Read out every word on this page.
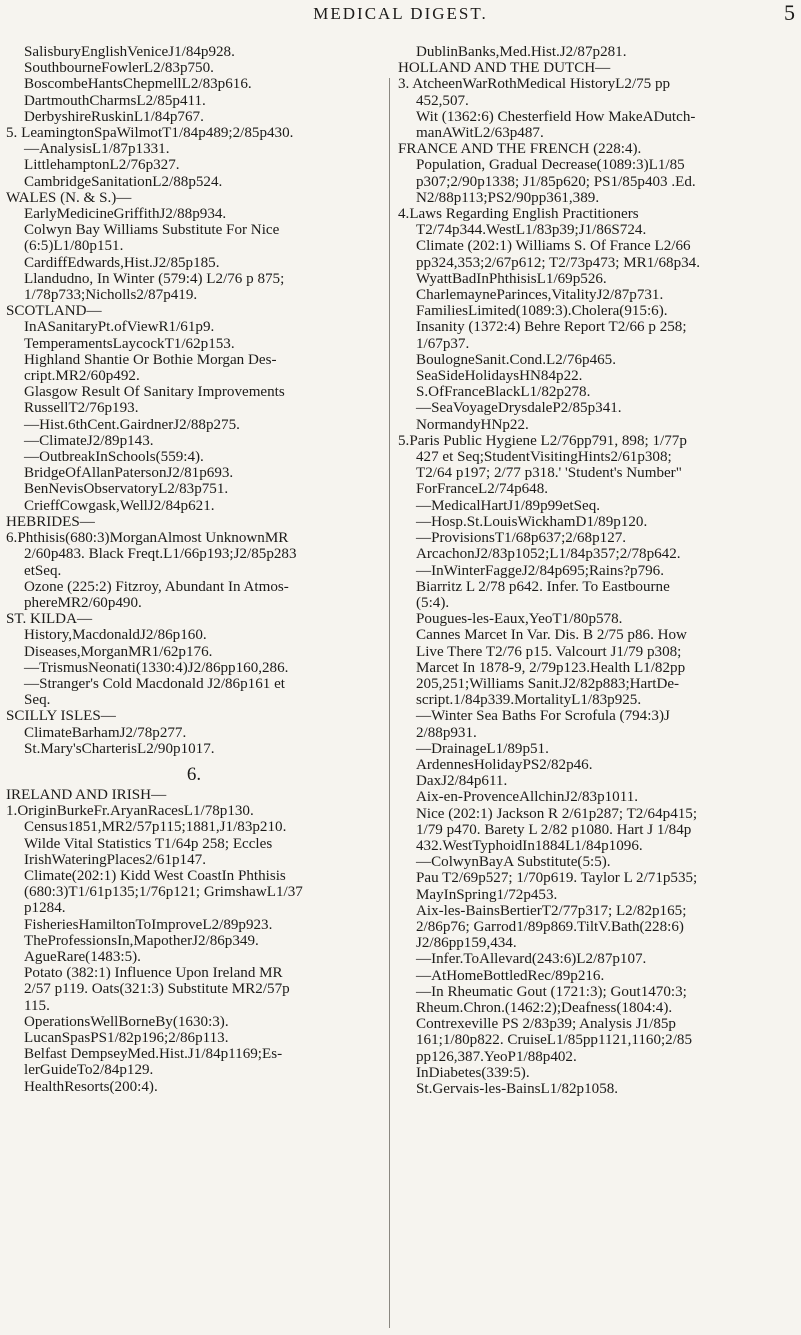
MEDICAL DIGEST.	5
SalisburyEnglishVeniceJ1/84p928.
SouthbourneFowlerL2/83p750.
BoscombeHantsChepmellL2/83p616.
DartmouthCharmsL2/85p411.
DerbyshireRuskinL1/84p767.
5. LeamingtonSpaWilmotT1/84p489;2/85p430.
—AnalysisL1/87p1331.
LittlehamptonL2/76p327.
CambridgeSanitationL2/88p524.
WALES (N. & S.)—
EarlyMedicineGriffithJ2/88p934.
Colwyn Bay Williams Substitute For Nice
(6:5)L1/80p151.
CardiffEdwards,Hist.J2/85p185.
Llandudno, In Winter (579:4) L2/76 p 875;
1/78p733;Nicholls2/87p419.
SCOTLAND—
InASanitaryPt.ofViewR1/61p9.
TemperamentsLaycockT1/62p153.
Highland Shantie Or Bothie Morgan Des-
cript.MR2/60p492.
Glasgow Result Of Sanitary Improvements
RussellT2/76p193.
—Hist.6thCent.GairdnerJ2/88p275.
—ClimateJ2/89p143.
—OutbreakInSchools(559:4).
BridgeOfAllanPatersonJ2/81p693.
BenNevisObservatoryL2/83p751.
CrieffCowgask,WellJ2/84p621.
HEBRIDES—
6.Phthisis(680:3)MorganAlmost UnknownMR
2/60p483. Black Freqt.L1/66p193;J2/85p283
etSeq.
Ozone (225:2) Fitzroy, Abundant In Atmos-
phereMR2/60p490.
ST. KILDA—
History,MacdonaldJ2/86p160.
Diseases,MorganMR1/62p176.
—TrismusNeonati(1330:4)J2/86pp160,286.
—Stranger's Cold Macdonald J2/86p161 et
Seq.
SCILLY ISLES—
ClimateBarhamJ2/78p277.
St.Mary'sCharterisL2/90p1017.
6.
IRELAND AND IRISH—
1.OriginBurkeFr.AryanRacesL1/78p130.
Census1851,MR2/57p115;1881,J1/83p210.
Wilde Vital Statistics T1/64p 258; Eccles
IrishWateringPlaces2/61p147.
Climate(202:1) Kidd West CoastIn Phthisis
(680:3)T1/61p135;1/76p121; GrimshawL1/37
p1284.
FisheriesHamiltonToImproveL2/89p923.
TheProfessionsIn,MapotherJ2/86p349.
AgueRare(1483:5).
Potato (382:1) Influence Upon Ireland MR
2/57 p119. Oats(321:3) Substitute MR2/57p
115.
OperationsWellBorneBy(1630:3).
LucanSpasPS1/82p196;2/86p113.
Belfast DempseyMed.Hist.J1/84p1169;Es-
lerGuideTo2/84p129.
HealthResorts(200:4).
DublinBanks,Med.Hist.J2/87p281.
HOLLAND AND THE DUTCH—
3. AtcheenWarRothMedical HistoryL2/75 pp
452,507.
Wit (1362:6) Chesterfield How MakeADutch-
manAWitL2/63p487.
FRANCE AND THE FRENCH (228:4).
Population, Gradual Decrease(1089:3)L1/85
p307;2/90p1338; J1/85p620; PS1/85p403 .Ed.
N2/88p113;PS2/90pp361,389.
4.Laws Regarding English Practitioners
T2/74p344.WestL1/83p39;J1/86S724.
Climate (202:1) Williams S. Of France L2/66
pp324,353;2/67p612; T2/73p473; MR1/68p34.
WyattBadInPhthisisL1/69p526.
CharlemayneParinces,VitalityJ2/87p731.
FamiliesLimited(1089:3).Cholera(915:6).
Insanity (1372:4) Behre Report T2/66 p 258;
1/67p37.
BoulogneSanit.Cond.L2/76p465.
SeaSideHolidaysHN84p22.
S.OfFranceBlackL1/82p278.
—SeaVoyageDrysdaleP2/85p341.
NormandyHNp22.
5.Paris Public Hygiene L2/76pp791, 898; 1/77p
427 et Seq;StudentVisitingHints2/61p308;
T2/64 p197; 2/77 p318.' 'Student's Number"
ForFranceL2/74p648.
—MedicalHartJ1/89p99etSeq.
—Hosp.St.LouisWickhamD1/89p120.
—ProvisionsT1/68p637;2/68p127.
ArcachonJ2/83p1052;L1/84p357;2/78p642.
—InWinterFaggeJ2/84p695;Rains?p796.
Biarritz L 2/78 p642. Infer. To Eastbourne
(5:4).
Pougues-les-Eaux,YeoT1/80p578.
Cannes Marcet In Var. Dis. B 2/75 p86. How
Live There T2/76 p15. Valcourt J1/79 p308;
Marcet In 1878-9, 2/79p123.Health L1/82pp
205,251;Williams Sanit.J2/82p883;HartDe-
script.1/84p339.MortalityL1/83p925.
—Winter Sea Baths For Scrofula (794:3)J
2/88p931.
—DrainageL1/89p51.
ArdennesHolidayPS2/82p46.
DaxJ2/84p611.
Aix-en-ProvenceAllchinJ2/83p1011.
Nice (202:1) Jackson R 2/61p287; T2/64p415;
1/79 p470. Barety L 2/82 p1080. Hart J 1/84p
432.WestTyphoidIn1884L1/84p1096.
—ColwynBayA Substitute(5:5).
Pau T2/69p527; 1/70p619. Taylor L 2/71p535;
MayInSpring1/72p453.
Aix-les-BainsBertierT2/77p317; L2/82p165;
2/86p76; Garrod1/89p869.TiltV.Bath(228:6)
J2/86pp159,434.
—Infer.ToAllevard(243:6)L2/87p107.
—AtHomeBottledRec/89p216.
—In Rheumatic Gout (1721:3); Gout1470:3;
Rheum.Chron.(1462:2);Deafness(1804:4).
Contrexeville PS 2/83p39; Analysis J1/85p
161;1/80p822. CruiseL1/85pp1121,1160;2/85
pp126,387.YeoP1/88p402.
InDiabetes(339:5).
St.Gervais-les-BainsL1/82p1058.
